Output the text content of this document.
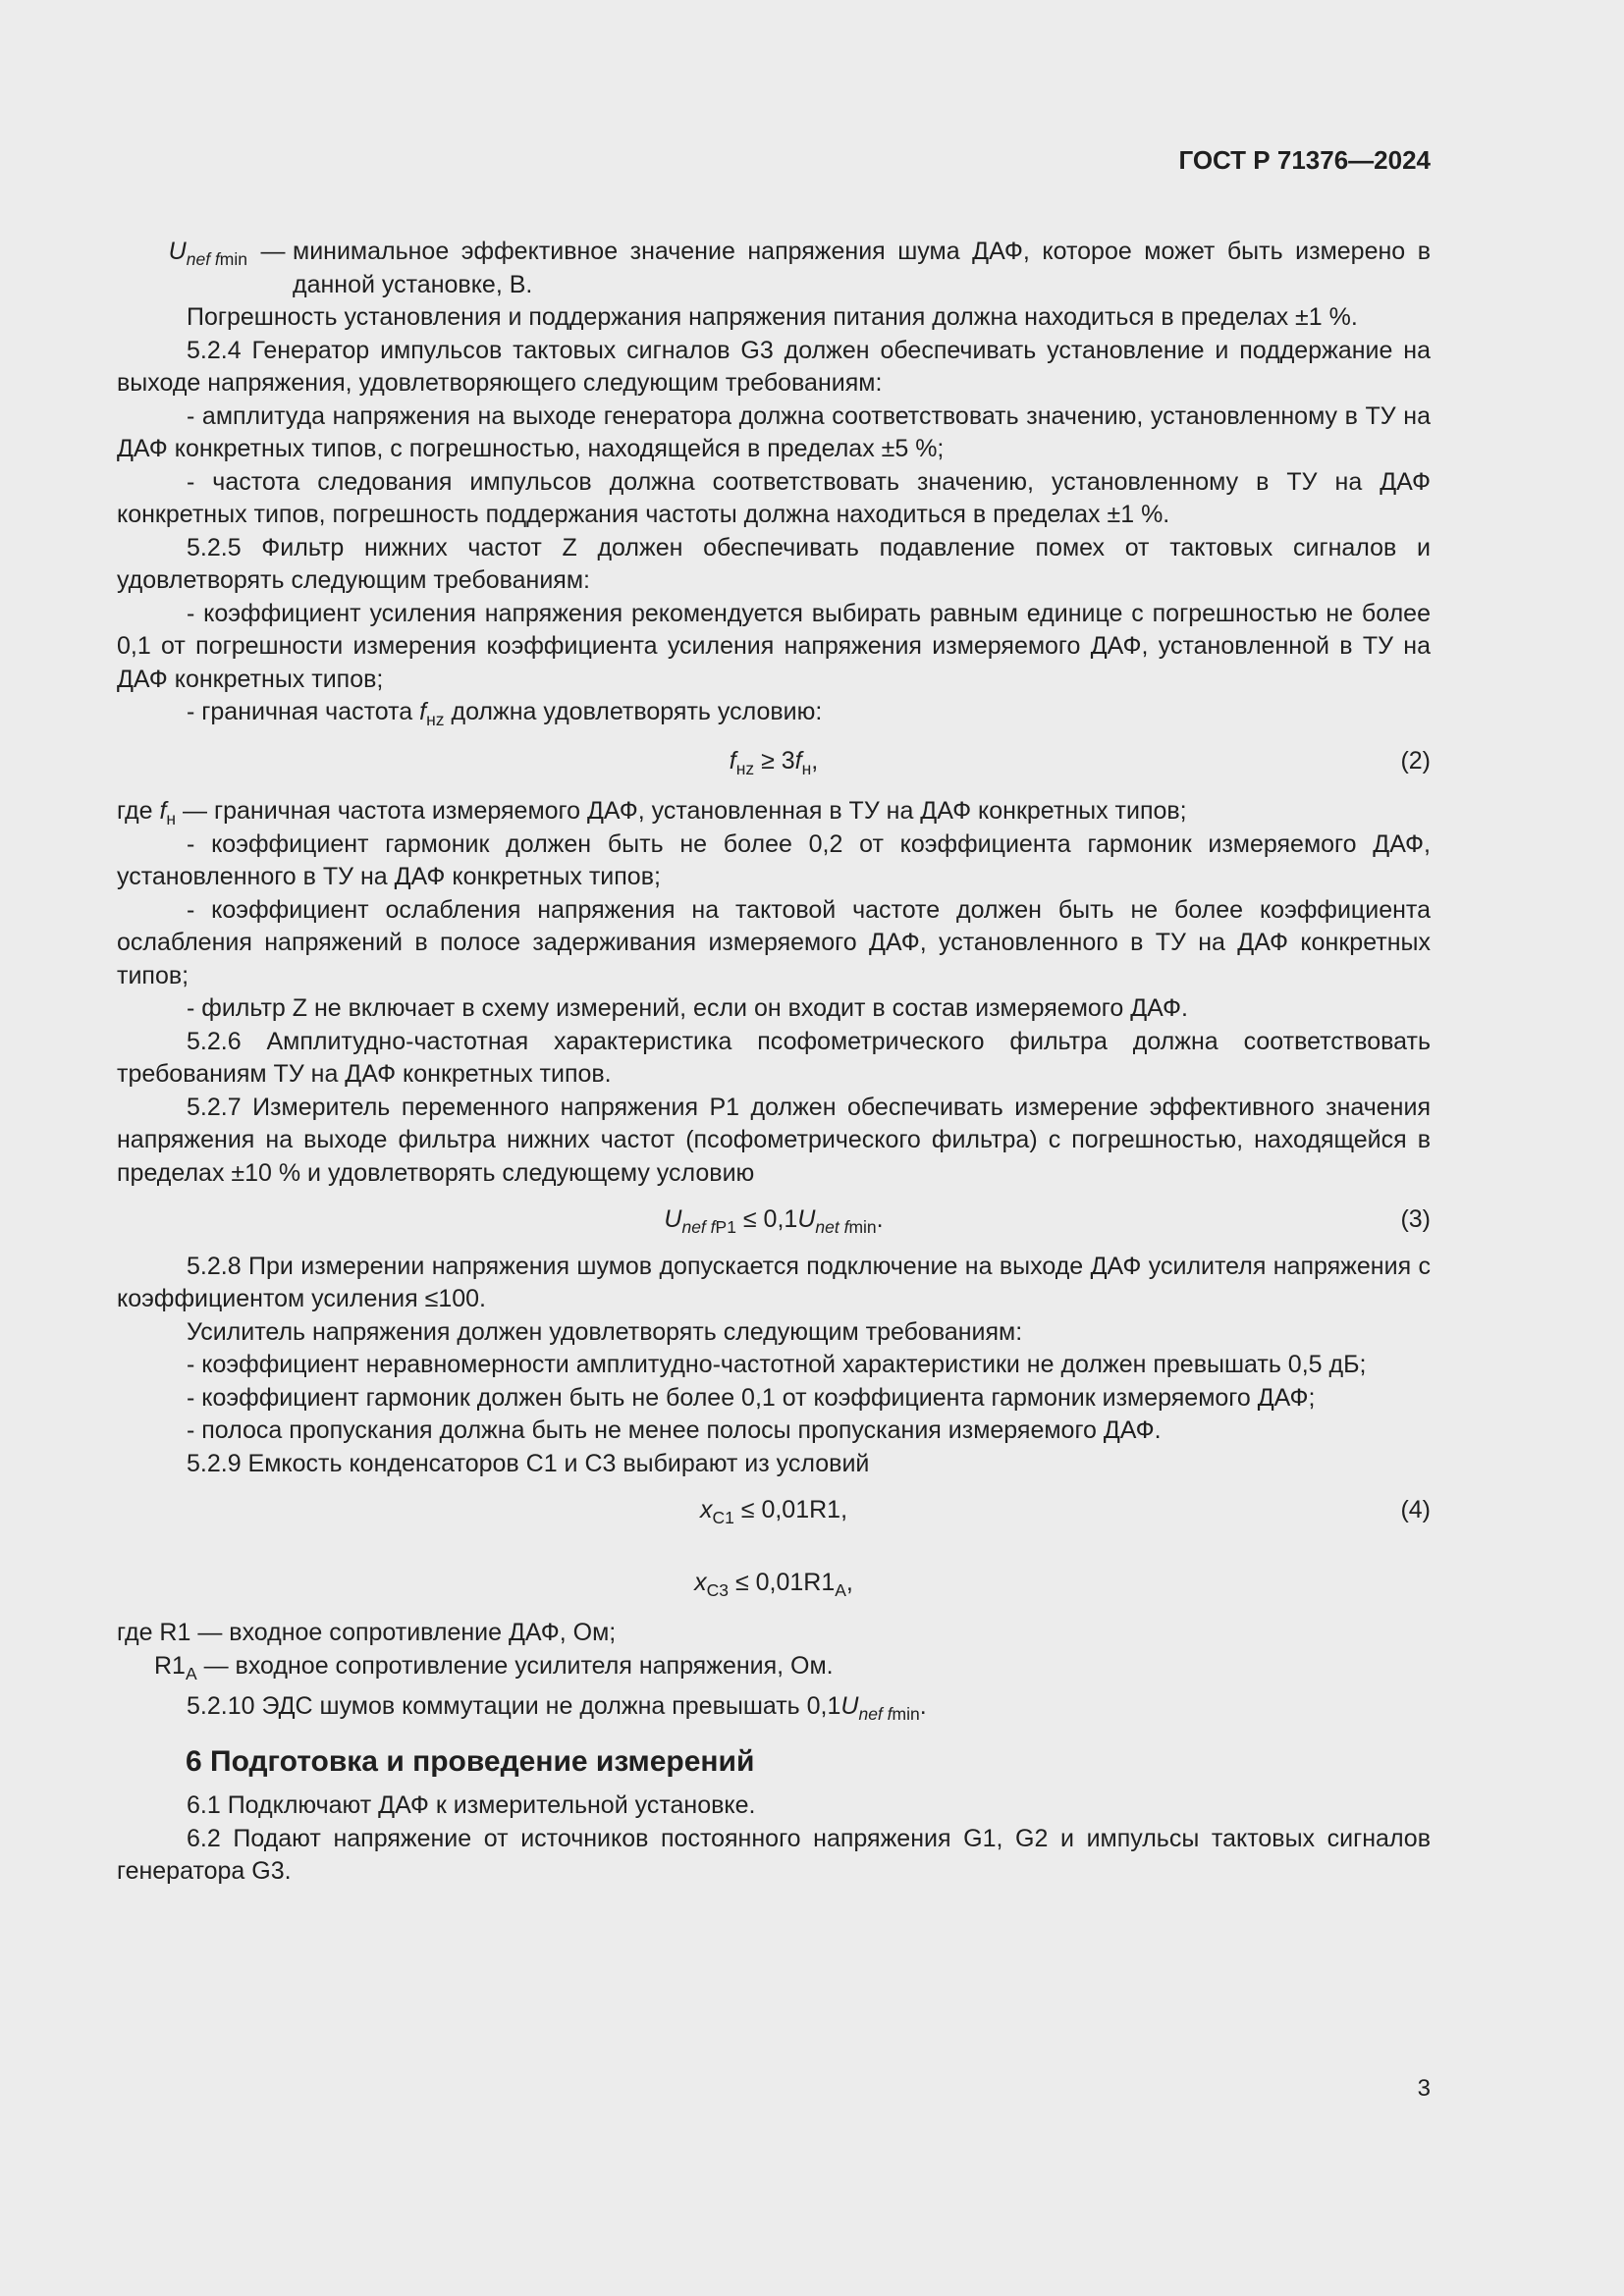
ГОСТ Р 71376—2024
$U_{nef fmin}$ — минимальное эффективное значение напряжения шума ДАФ, которое может быть измерено в данной установке, В.

Погрешность установления и поддержания напряжения питания должна находиться в пределах ±1 %.

5.2.4 Генератор импульсов тактовых сигналов G3 должен обеспечивать установление и поддержание на выходе напряжения, удовлетворяющего следующим требованиям:

- амплитуда напряжения на выходе генератора должна соответствовать значению, установленному в ТУ на ДАФ конкретных типов, с погрешностью, находящейся в пределах ±5 %;

- частота следования импульсов должна соответствовать значению, установленному в ТУ на ДАФ конкретных типов, погрешность поддержания частоты должна находиться в пределах ±1 %.

5.2.5 Фильтр нижних частот Z должен обеспечивать подавление помех от тактовых сигналов и удовлетворять следующим требованиям:

- коэффициент усиления напряжения рекомендуется выбирать равным единице с погрешностью не более 0,1 от погрешности измерения коэффициента усиления напряжения измеряемого ДАФ, установленной в ТУ на ДАФ конкретных типов;

- граничная частота $f_{нz}$ должна удовлетворять условию:

$f_{нz} \ge 3f_н$,	(2)

где $f_н$ — граничная частота измеряемого ДАФ, установленная в ТУ на ДАФ конкретных типов;

- коэффициент гармоник должен быть не более 0,2 от коэффициента гармоник измеряемого ДАФ, установленного в ТУ на ДАФ конкретных типов;

- коэффициент ослабления напряжения на тактовой частоте должен быть не более коэффициента ослабления напряжений в полосе задерживания измеряемого ДАФ, установленного в ТУ на ДАФ конкретных типов;

- фильтр Z не включает в схему измерений, если он входит в состав измеряемого ДАФ.

5.2.6 Амплитудно-частотная характеристика псофометрического фильтра должна соответствовать требованиям ТУ на ДАФ конкретных типов.

5.2.7 Измеритель переменного напряжения P1 должен обеспечивать измерение эффективного значения напряжения на выходе фильтра нижних частот (псофометрического фильтра) с погрешностью, находящейся в пределах ±10 % и удовлетворять следующему условию

$U_{nef fP1} \le 0,1U_{net fmin}$.	(3)

5.2.8 При измерении напряжения шумов допускается подключение на выходе ДАФ усилителя напряжения с коэффициентом усиления ≤100.

Усилитель напряжения должен удовлетворять следующим требованиям:

- коэффициент неравномерности амплитудно-частотной характеристики не должен превышать 0,5 дБ;

- коэффициент гармоник должен быть не более 0,1 от коэффициента гармоник измеряемого ДАФ;

- полоса пропускания должна быть не менее полосы пропускания измеряемого ДАФ.

5.2.9 Емкость конденсаторов С1 и С3 выбирают из условий

$x_{C1} \le 0,01R1$,	(4)

$x_{C3} \le 0,01R1_A$,

где R1 — входное сопротивление ДАФ, Ом;

$R1_A$ — входное сопротивление усилителя напряжения, Ом.

5.2.10 ЭДС шумов коммутации не должна превышать $0,1U_{nef fmin}$.

6 Подготовка и проведение измерений

6.1 Подключают ДАФ к измерительной установке.

6.2 Подают напряжение от источников постоянного напряжения G1, G2 и импульсы тактовых сигналов генератора G3.

3
